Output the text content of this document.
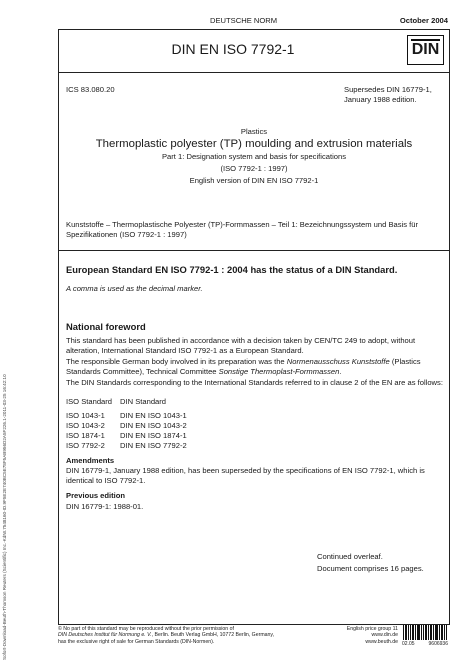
Sofort-Download-Beuth-Thomson Reuters (Scientific) Inc.-KdNr.7548160-ID.9F5E2E740BC5E78F5AB956D2A5F226.1-2011-03-25 16:42:10
DEUTSCHE NORM	October 2004
DIN EN ISO 7792-1	DIN
ICS 83.080.20	Supersedes DIN 16779-1,
January 1988 edition.
Plastics
Thermoplastic polyester (TP) moulding and extrusion materials
Part 1: Designation system and basis for specifications
(ISO 7792-1 : 1997)
English version of DIN EN ISO 7792-1
Kunststoffe – Thermoplastische Polyester (TP)-Formmassen – Teil 1: Bezeichnungssystem und Basis für Spezifikationen (ISO 7792-1 : 1997)
European Standard EN ISO 7792-1 : 2004 has the status of a DIN Standard.
A comma is used as the decimal marker.
National foreword
This standard has been published in accordance with a decision taken by CEN/TC 249 to adopt, without alteration, International Standard ISO 7792-1 as a European Standard.
The responsible German body involved in its preparation was the Normenausschuss Kunststoffe (Plastics Standards Committee), Technical Committee Sonstige Thermoplast-Formmassen.
The DIN Standards corresponding to the International Standards referred to in clause 2 of the EN are as follows:
ISO Standard	DIN Standard

ISO 1043-1	DIN EN ISO 1043-1
ISO 1043-2	DIN EN ISO 1043-2
ISO 1874-1	DIN EN ISO 1874-1
ISO 7792-2	DIN EN ISO 7792-2
Amendments
DIN 16779-1, January 1988 edition, has been superseded by the specifications of EN ISO 7792-1, which is identical to ISO 7792-1.
Previous edition
DIN 16779-1: 1988-01.
Continued overleaf.
Document comprises 16 pages.
© No part of this standard may be reproduced without the prior permission of
DIN Deutsches Institut für Normung e. V., Berlin. Beuth Verlag GmbH, 10772 Berlin, Germany,
has the exclusive right of sale for German Standards (DIN-Normen).
English price group 11
www.din.de
www.beuth.de 02.05	9606936
